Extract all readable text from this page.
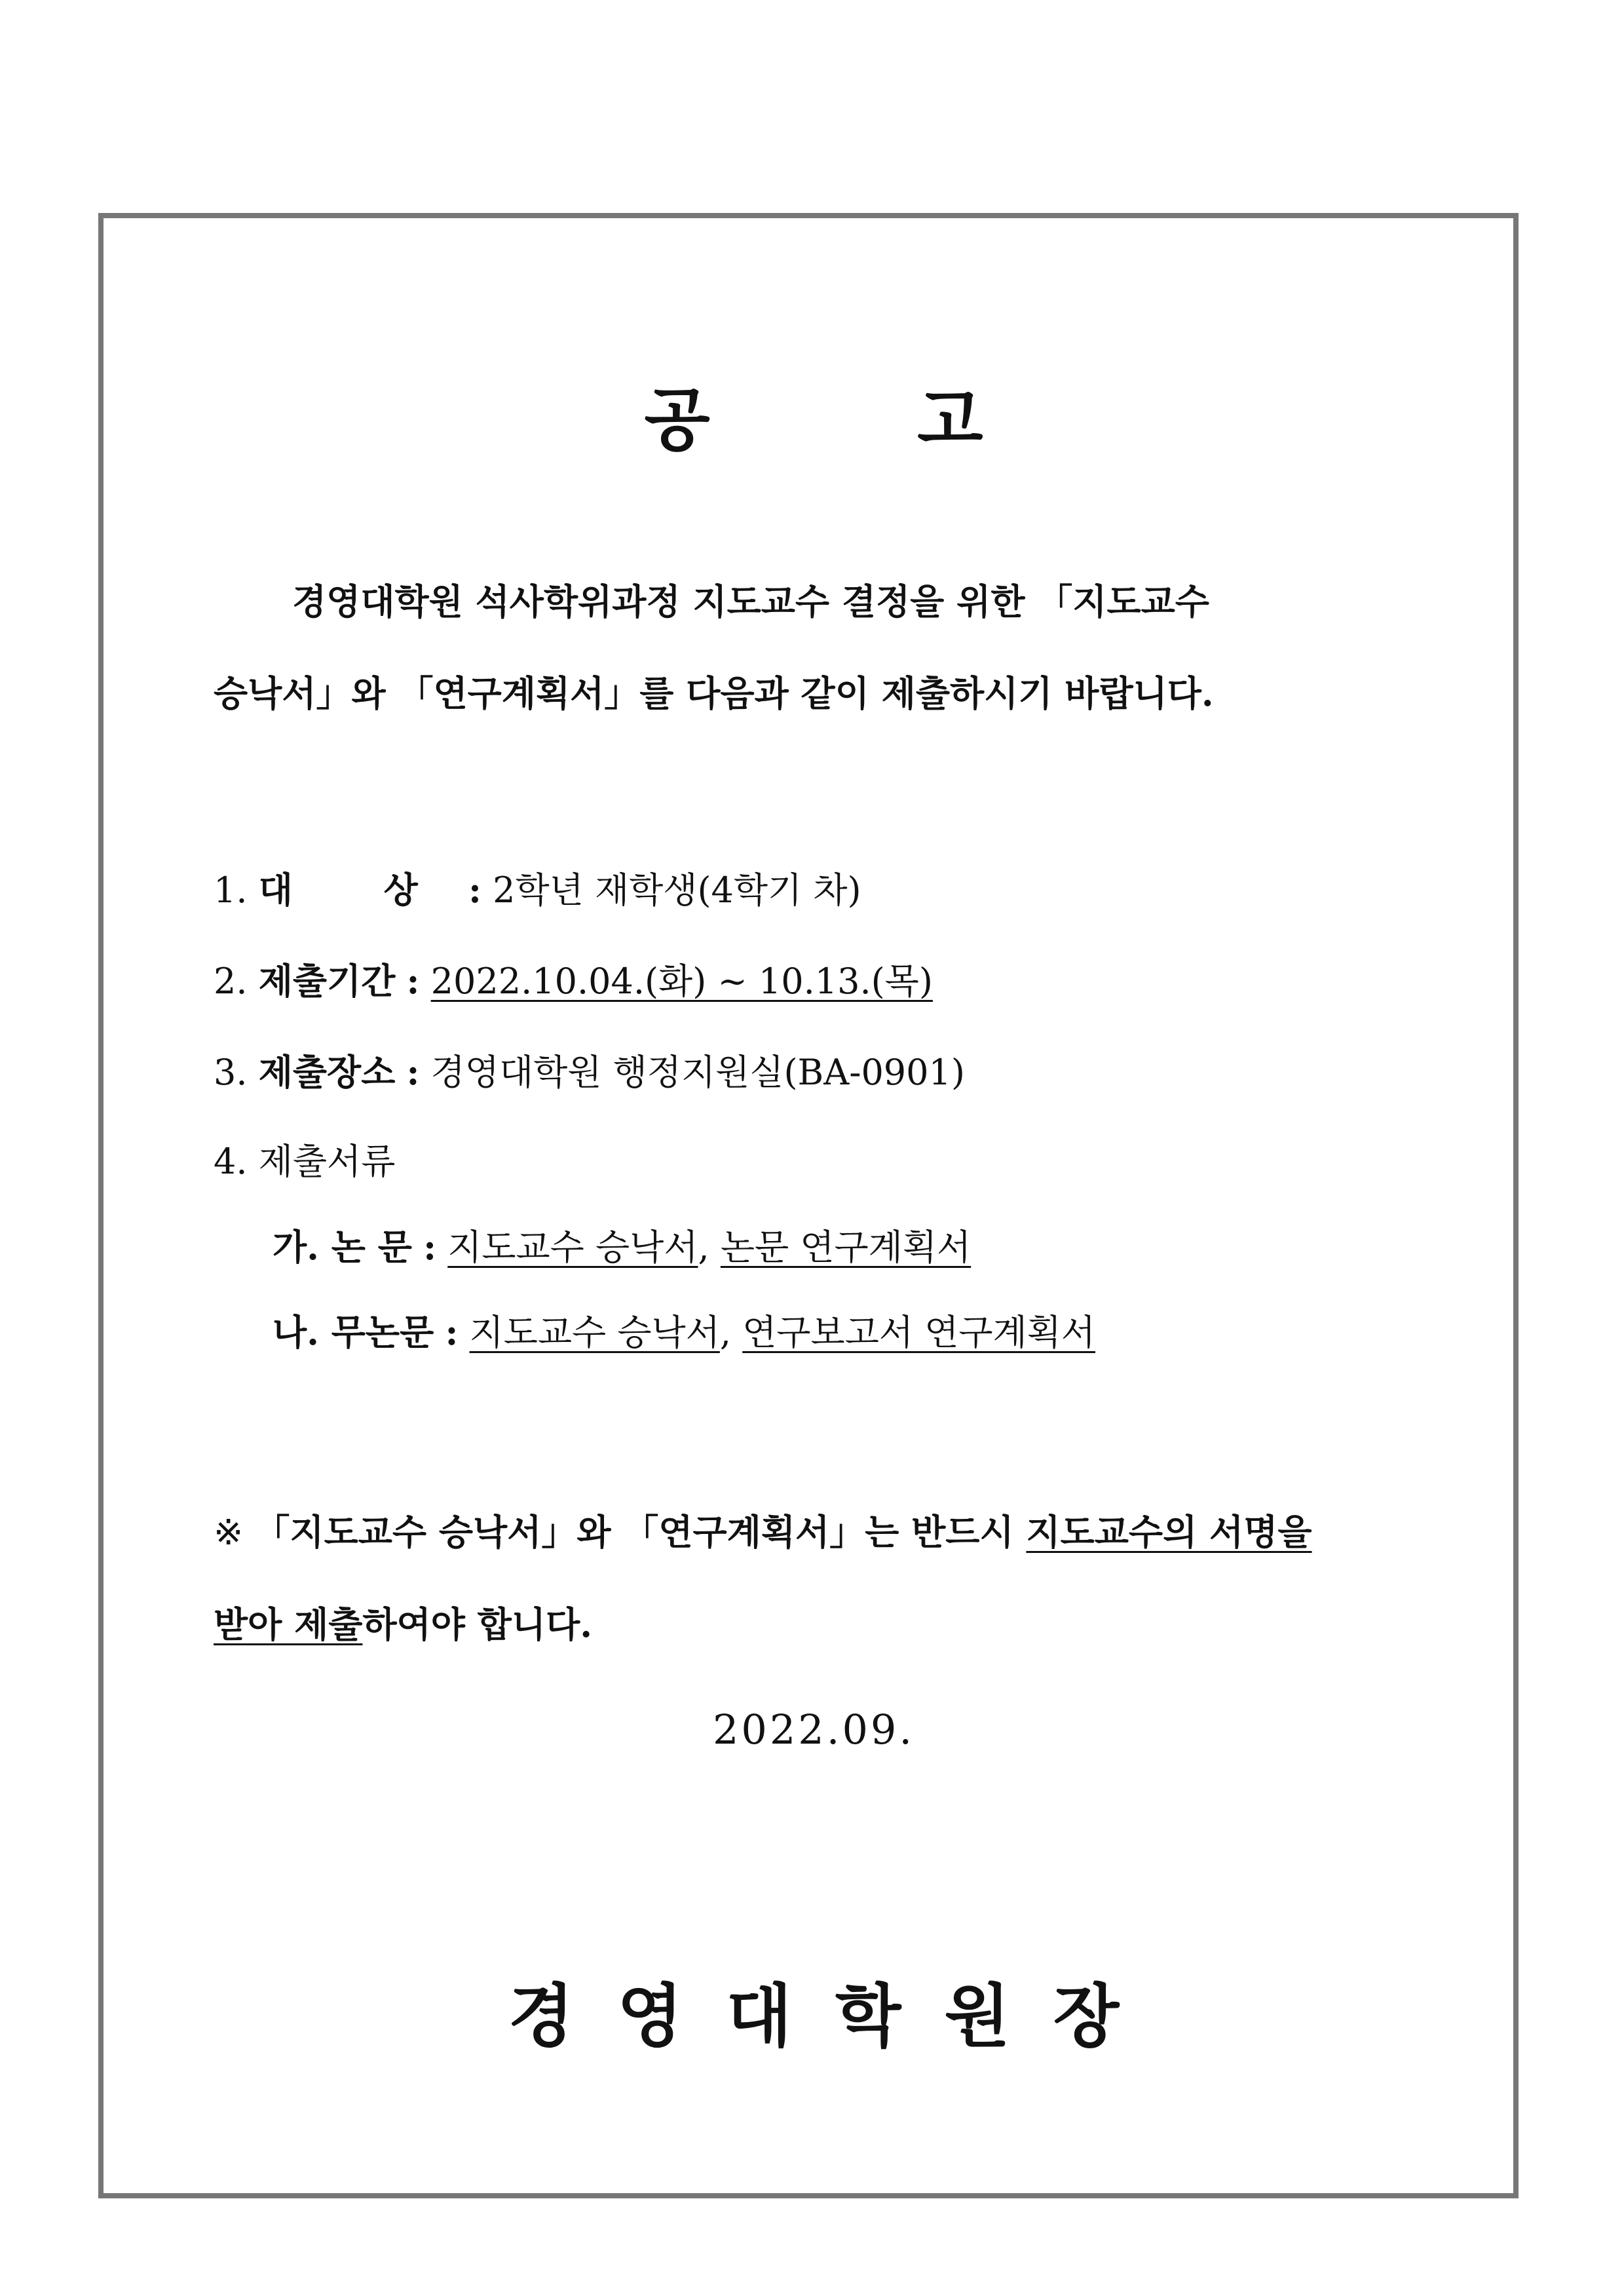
공 고

경영대학원 석사학위과정 지도교수 결정을 위한 「지도교수

승낙서」와 「연구계획서」를 다음과 같이 제출하시기 바랍니다.

1. 대 상 : 2학년 재학생(4학기 차)
2. 제출기간 : 2022.10.04.(화) ~ 10.13.(목)
3. 제출장소 : 경영대학원 행정지원실(BA-0901)
4. 제출서류
가. 논 문 : 지도교수 승낙서, 논문 연구계획서
나. 무논문 : 지도교수 승낙서, 연구보고서 연구계획서

※ 「지도교수 승낙서」와 「연구계획서」는 반드시 지도교수의 서명을

받아 제출하여야 합니다.

2022.09.
경영대학원장
